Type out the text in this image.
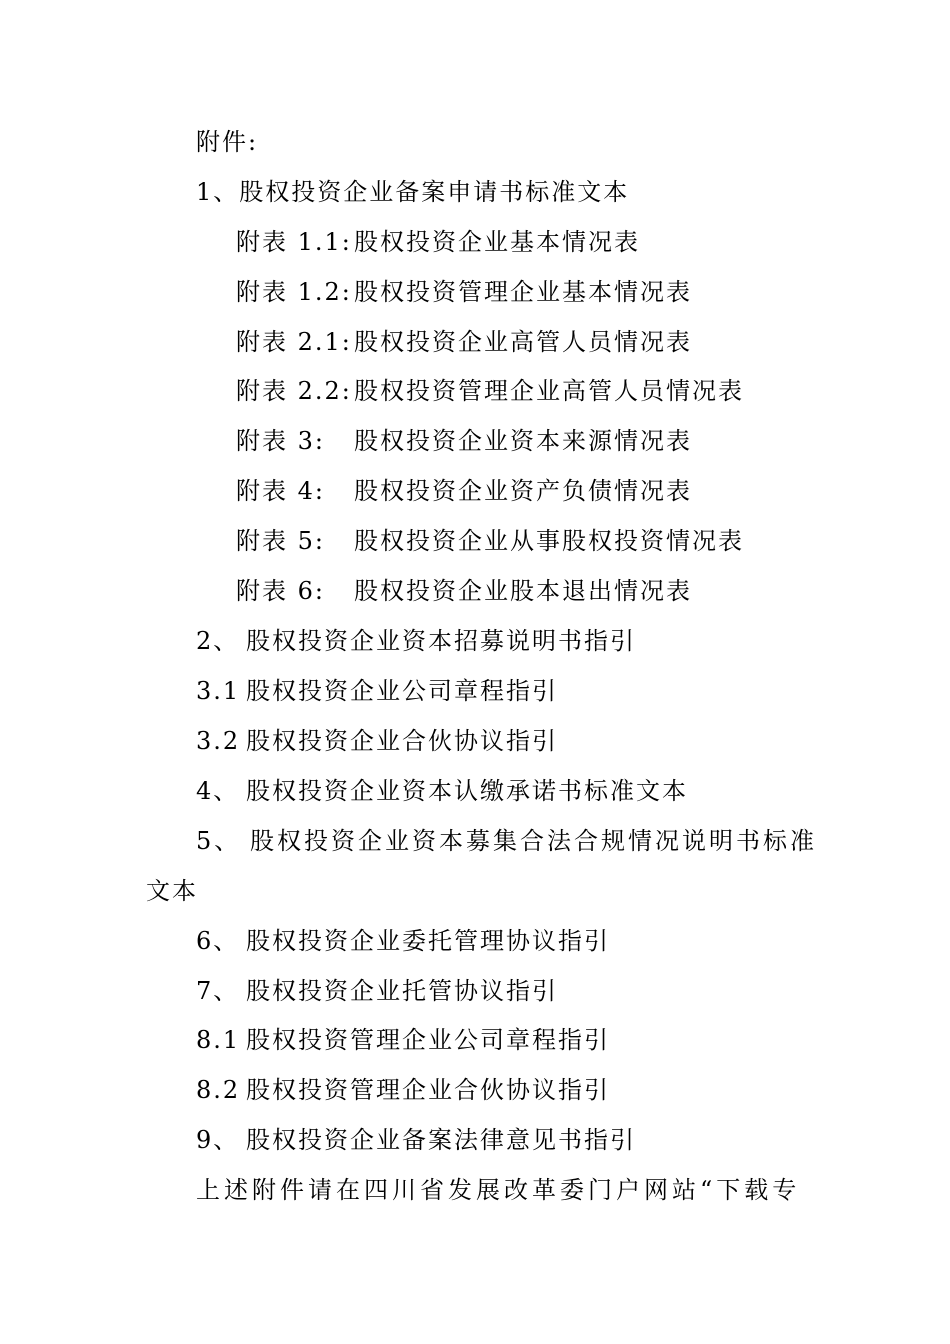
附件:
1、股权投资企业备案申请书标准文本
附表 1.1:股权投资企业基本情况表
附表 1.2:股权投资管理企业基本情况表
附表 2.1:股权投资企业高管人员情况表
附表 2.2:股权投资管理企业高管人员情况表
附表 3: 股权投资企业资本来源情况表
附表 4: 股权投资企业资产负债情况表
附表 5: 股权投资企业从事股权投资情况表
附表 6: 股权投资企业股本退出情况表
2、 股权投资企业资本招募说明书指引
3.1 股权投资企业公司章程指引
3.2 股权投资企业合伙协议指引
4、 股权投资企业资本认缴承诺书标准文本
5、 股权投资企业资本募集合法合规情况说明书标准
文本
6、 股权投资企业委托管理协议指引
7、 股权投资企业托管协议指引
8.1 股权投资管理企业公司章程指引
8.2 股权投资管理企业合伙协议指引
9、 股权投资企业备案法律意见书指引
上述附件请在四川省发展改革委门户网站“下载专
